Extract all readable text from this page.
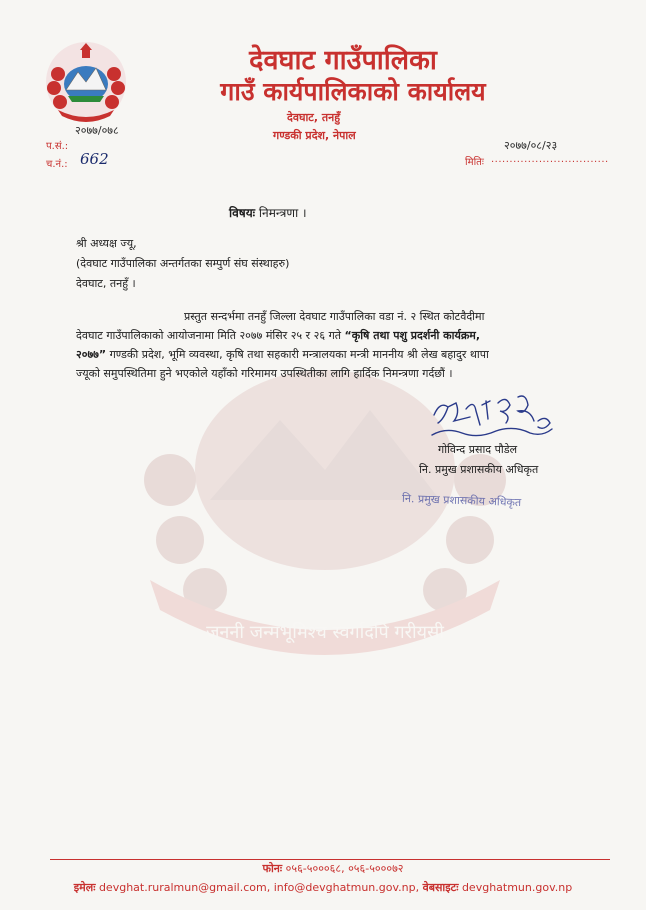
जननी जन्मभूमिश्च स्वर्गादपि गरीयसी
देवघाट गाउँपालिका
गाउँ कार्यपालिकाको कार्यालय
देवघाट, तनहुँ
गण्डकी प्रदेश, नेपाल
२०७७/०७८
प.सं.:
च.नं.: 662
२०७७/०८/२३
मितिः ................................
विषयः निमन्त्रणा ।
श्री अध्यक्ष ज्यू,
(देवघाट गाउँपालिका अन्तर्गतका सम्पुर्ण संघ संस्थाहरु)
देवघाट, तनहुँ ।
प्रस्तुत सन्दर्भमा तनहुँ जिल्ला देवघाट गाउँपालिका वडा नं. २ स्थित कोटवैदीमा
देवघाट गाउँपालिकाको आयोजनामा मिति २०७७ मंसिर २५ र २६ गते “कृषि तथा पशु प्रदर्शनी कार्यक्रम,
२०७७” गण्डकी प्रदेश, भूमि व्यवस्था, कृषि तथा सहकारी मन्त्रालयका मन्त्री माननीय श्री लेख बहादुर थापा
ज्यूको समुपस्थितिमा हुने भएकोले यहाँको गरिमामय उपस्थितीका लागि हार्दिक निमन्त्रणा गर्दछौं ।
गोविन्द प्रसाद पौडेल
नि. प्रमुख प्रशासकीय अधिकृत
नि. प्रमुख प्रशासकीय अधिकृत
फोनः ०५६-५०००६८, ०५६-५०००७२
इमेलः devghat.ruralmun@gmail.com, info@devghatmun.gov.np, वेबसाइटः devghatmun.gov.np
